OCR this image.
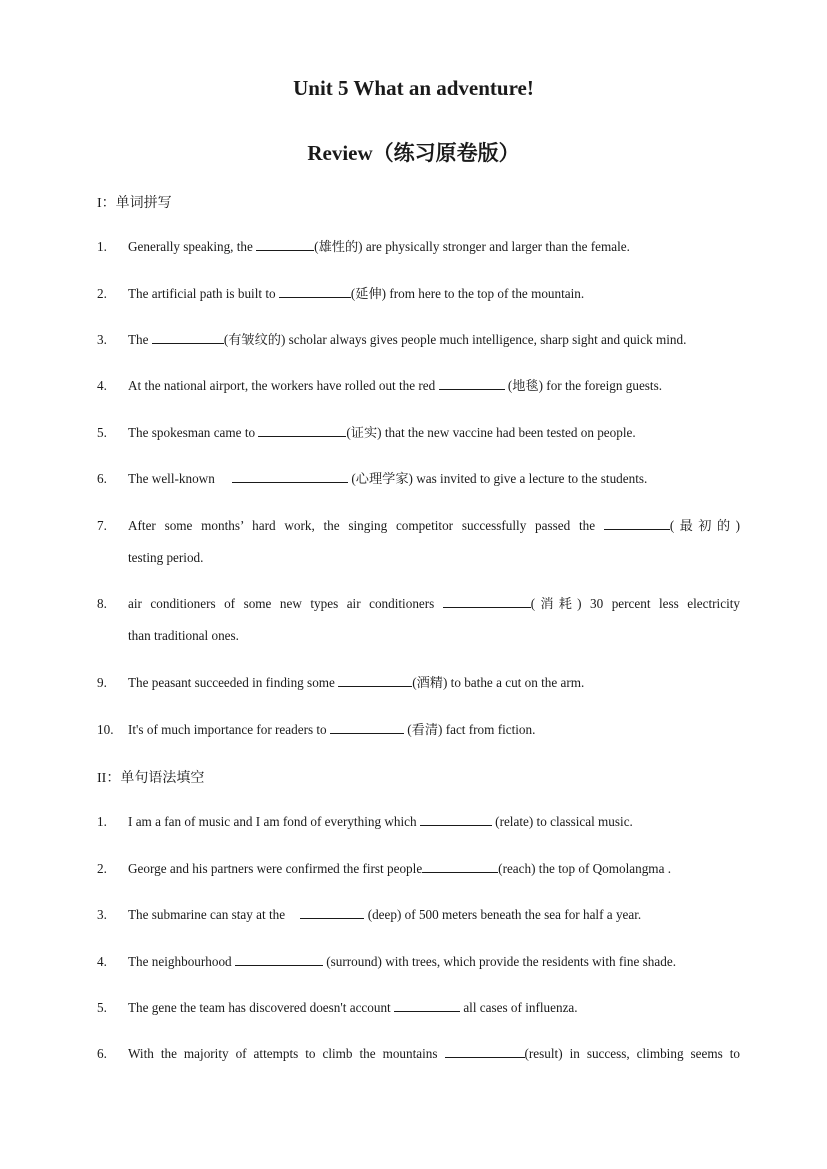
Unit 5 What an adventure!
Review（练习原卷版）

I：单词拼写

1. Generally speaking, the	(雄性的) are physically stronger and larger than the female.
2. The artificial path is built to	(延伸) from here to the top of the mountain.
3. The	(有皱纹的) scholar always gives people much intelligence, sharp sight and quick mind.
4. At the national airport, the workers have rolled out the red	(地毯) for the foreign guests.
5. The spokesman came to	(证实) that the new vaccine had been tested on people.
6. The well-known	(心理学家) was invited to give a lecture to the students.
7. After some months’ hard work, the singing competitor successfully passed the	(最初的)
testing period.
8. air conditioners of some new types air conditioners	(消耗) 30 percent less electricity
than traditional ones.
9. The peasant succeeded in finding some	(酒精) to bathe a cut on the arm.
10. It's of much importance for readers to	(看清) fact from fiction.

II：单句语法填空

1. I am a fan of music and I am fond of everything which	(relate) to classical music.
2. George and his partners were confirmed the first people	(reach) the top of Qomolangma .
3. The submarine can stay at the	(deep) of 500 meters beneath the sea for half a year.
4. The neighbourhood	(surround) with trees, which provide the residents with fine shade.
5. The gene the team has discovered doesn't account	all cases of influenza.
6. With the majority of attempts to climb the mountains	(result) in success, climbing seems to
